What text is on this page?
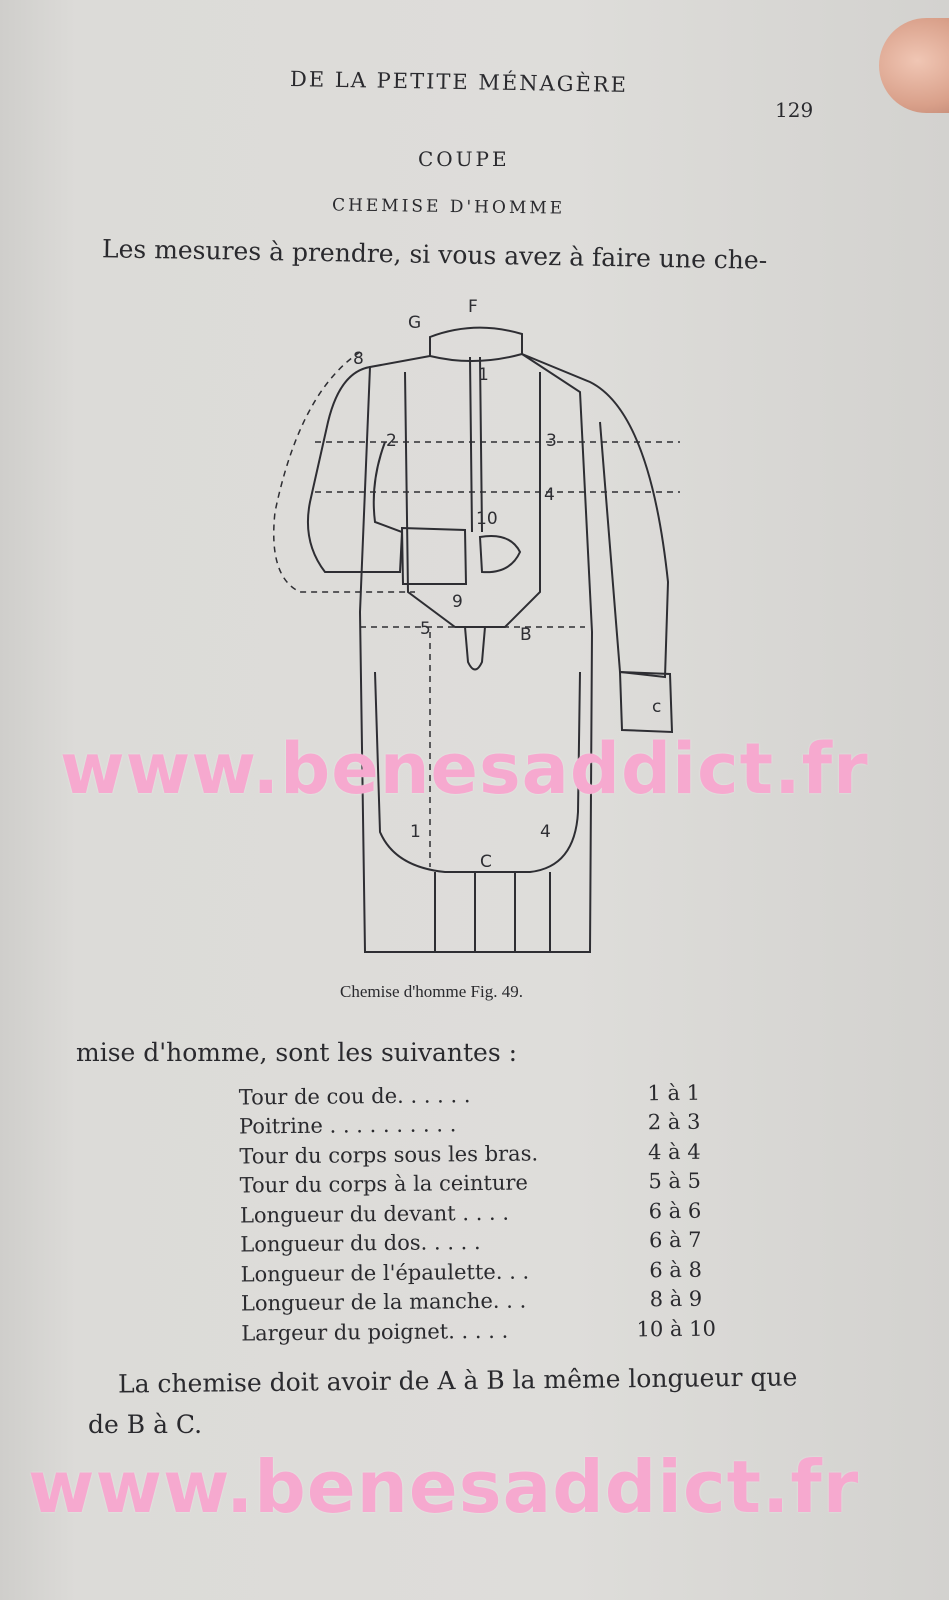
DE LA PETITE MÉNAGÈRE
129
COUPE
CHEMISE D'HOMME
Les mesures à prendre, si vous avez à faire une che-
F
G
8
1
2	3
4
10
9
5	B
C
1	4
c
Chemise d'homme Fig. 49.
mise d'homme, sont les suivantes :
Tour de cou de. . . . . .	1 à 1
Poitrine . . . . . . . . . .	2 à 3
Tour du corps sous les bras.	4 à 4
Tour du corps à la ceinture	5 à 5
Longueur du devant . . . .	6 à 6
Longueur du dos. . . . .	6 à 7
Longueur de l'épaulette. . .	6 à 8
Longueur de la manche. . .	8 à 9
Largeur du poignet. . . . .	10 à 10
La chemise doit avoir de A à B la même longueur que
de B à C.
www.benesaddict.fr
www.benesaddict.fr
